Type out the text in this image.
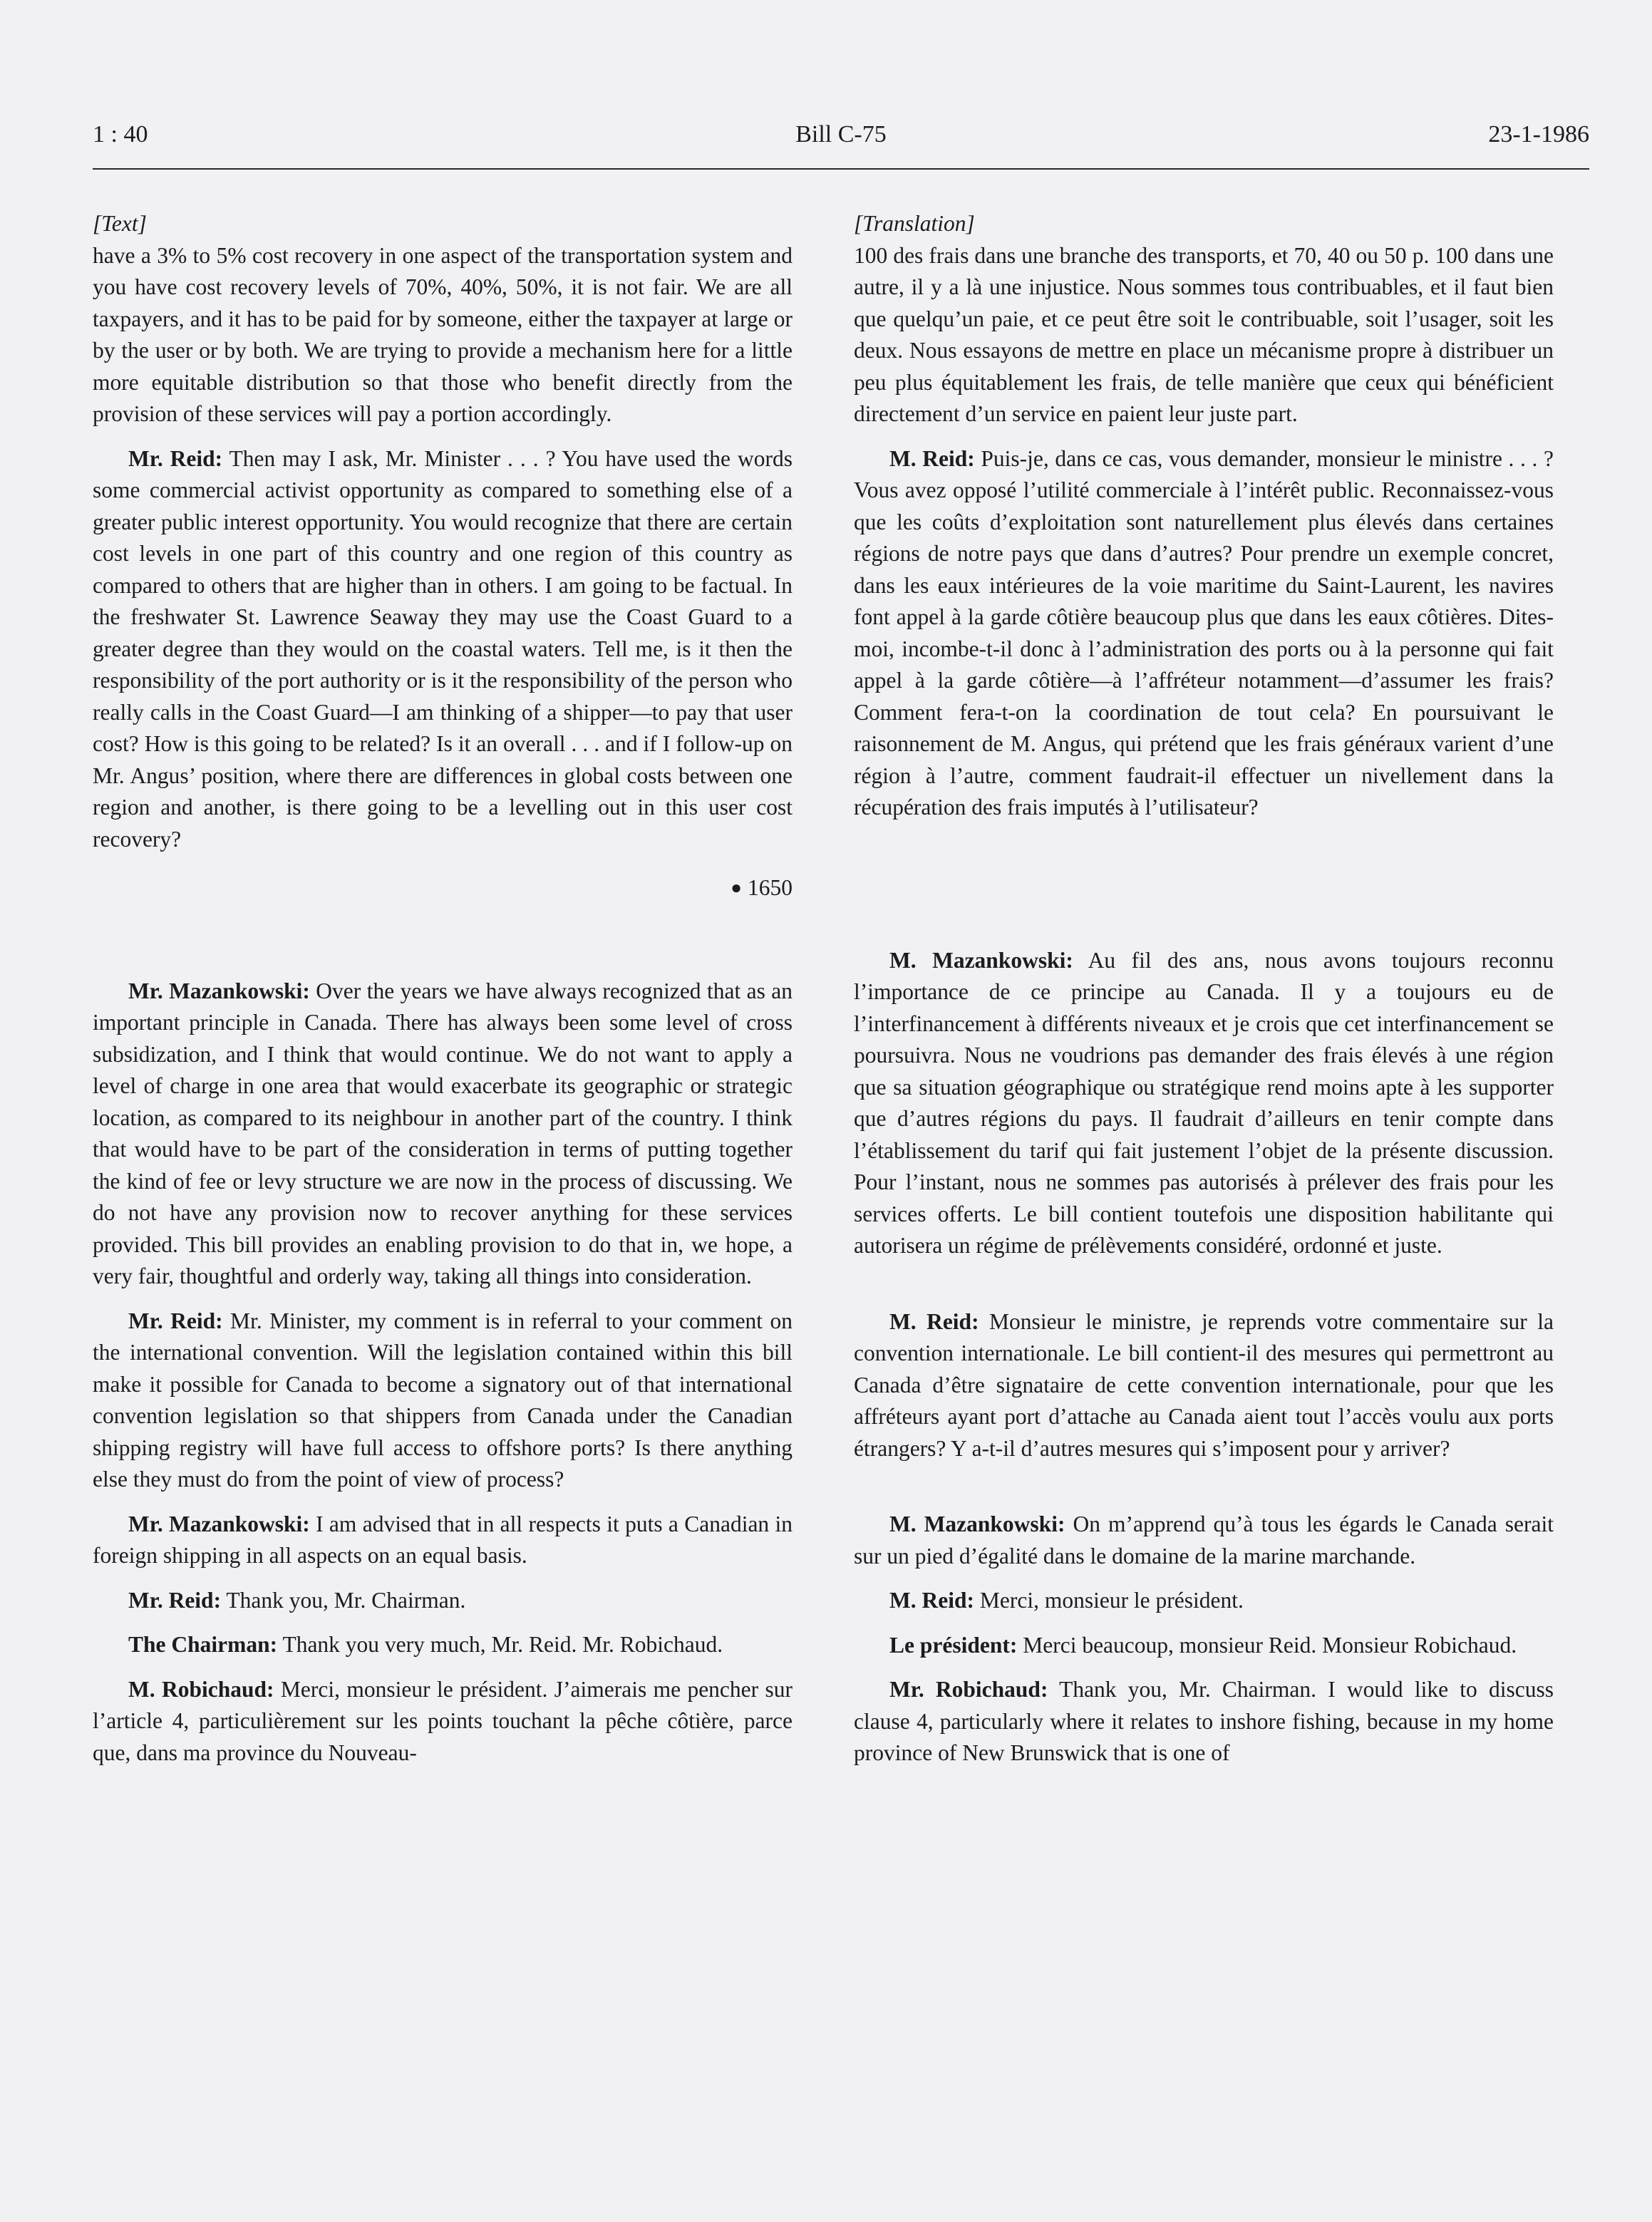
1 : 40	Bill C-75	23-1-1986

[Text]

have a 3% to 5% cost recovery in one aspect of the transportation system and you have cost recovery levels of 70%, 40%, 50%, it is not fair. We are all taxpayers, and it has to be paid for by someone, either the taxpayer at large or by the user or by both. We are trying to provide a mechanism here for a little more equitable distribution so that those who benefit directly from the provision of these services will pay a portion accordingly.

Mr. Reid: Then may I ask, Mr. Minister . . . ? You have used the words some commercial activist opportunity as compared to something else of a greater public interest opportunity. You would recognize that there are certain cost levels in one part of this country and one region of this country as compared to others that are higher than in others. I am going to be factual. In the freshwater St. Lawrence Seaway they may use the Coast Guard to a greater degree than they would on the coastal waters. Tell me, is it then the responsibility of the port authority or is it the responsibility of the person who really calls in the Coast Guard—I am thinking of a shipper—to pay that user cost? How is this going to be related? Is it an overall . . . and if I follow-up on Mr. Angus’ position, where there are differences in global costs between one region and another, is there going to be a levelling out in this user cost recovery?

● 1650

Mr. Mazankowski: Over the years we have always recognized that as an important principle in Canada. There has always been some level of cross subsidization, and I think that would continue. We do not want to apply a level of charge in one area that would exacerbate its geographic or strategic location, as compared to its neighbour in another part of the country. I think that would have to be part of the consideration in terms of putting together the kind of fee or levy structure we are now in the process of discussing. We do not have any provision now to recover anything for these services provided. This bill provides an enabling provision to do that in, we hope, a very fair, thoughtful and orderly way, taking all things into consideration.

Mr. Reid: Mr. Minister, my comment is in referral to your comment on the international convention. Will the legislation contained within this bill make it possible for Canada to become a signatory out of that international convention legislation so that shippers from Canada under the Canadian shipping registry will have full access to offshore ports? Is there anything else they must do from the point of view of process?

Mr. Mazankowski: I am advised that in all respects it puts a Canadian in foreign shipping in all aspects on an equal basis.

Mr. Reid: Thank you, Mr. Chairman.

The Chairman: Thank you very much, Mr. Reid. Mr. Robichaud.

M. Robichaud: Merci, monsieur le président. J’aimerais me pencher sur l’article 4, particulièrement sur les points touchant la pêche côtière, parce que, dans ma province du Nouveau-

[Translation]

100 des frais dans une branche des transports, et 70, 40 ou 50 p. 100 dans une autre, il y a là une injustice. Nous sommes tous contribuables, et il faut bien que quelqu’un paie, et ce peut être soit le contribuable, soit l’usager, soit les deux. Nous essayons de mettre en place un mécanisme propre à distribuer un peu plus équitablement les frais, de telle manière que ceux qui bénéficient directement d’un service en paient leur juste part.

M. Reid: Puis-je, dans ce cas, vous demander, monsieur le ministre . . . ? Vous avez opposé l’utilité commerciale à l’intérêt public. Reconnaissez-vous que les coûts d’exploitation sont naturellement plus élevés dans certaines régions de notre pays que dans d’autres? Pour prendre un exemple concret, dans les eaux intérieures de la voie maritime du Saint-Laurent, les navires font appel à la garde côtière beaucoup plus que dans les eaux côtières. Dites-moi, incombe-t-il donc à l’administration des ports ou à la personne qui fait appel à la garde côtière—à l’affréteur notamment—d’assumer les frais? Comment fera-t-on la coordination de tout cela? En poursuivant le raisonnement de M. Angus, qui prétend que les frais généraux varient d’une région à l’autre, comment faudrait-il effectuer un nivellement dans la récupération des frais imputés à l’utilisateur?

M. Mazankowski: Au fil des ans, nous avons toujours reconnu l’importance de ce principe au Canada. Il y a toujours eu de l’interfinancement à différents niveaux et je crois que cet interfinancement se poursuivra. Nous ne voudrions pas demander des frais élevés à une région que sa situation géographique ou stratégique rend moins apte à les supporter que d’autres régions du pays. Il faudrait d’ailleurs en tenir compte dans l’établissement du tarif qui fait justement l’objet de la présente discussion. Pour l’instant, nous ne sommes pas autorisés à prélever des frais pour les services offerts. Le bill contient toutefois une disposition habilitante qui autorisera un régime de prélèvements considéré, ordonné et juste.

M. Reid: Monsieur le ministre, je reprends votre commentaire sur la convention internationale. Le bill contient-il des mesures qui permettront au Canada d’être signataire de cette convention internationale, pour que les affréteurs ayant port d’attache au Canada aient tout l’accès voulu aux ports étrangers? Y a-t-il d’autres mesures qui s’imposent pour y arriver?

M. Mazankowski: On m’apprend qu’à tous les égards le Canada serait sur un pied d’égalité dans le domaine de la marine marchande.

M. Reid: Merci, monsieur le président.

Le président: Merci beaucoup, monsieur Reid. Monsieur Robichaud.

Mr. Robichaud: Thank you, Mr. Chairman. I would like to discuss clause 4, particularly where it relates to inshore fishing, because in my home province of New Brunswick that is one of
